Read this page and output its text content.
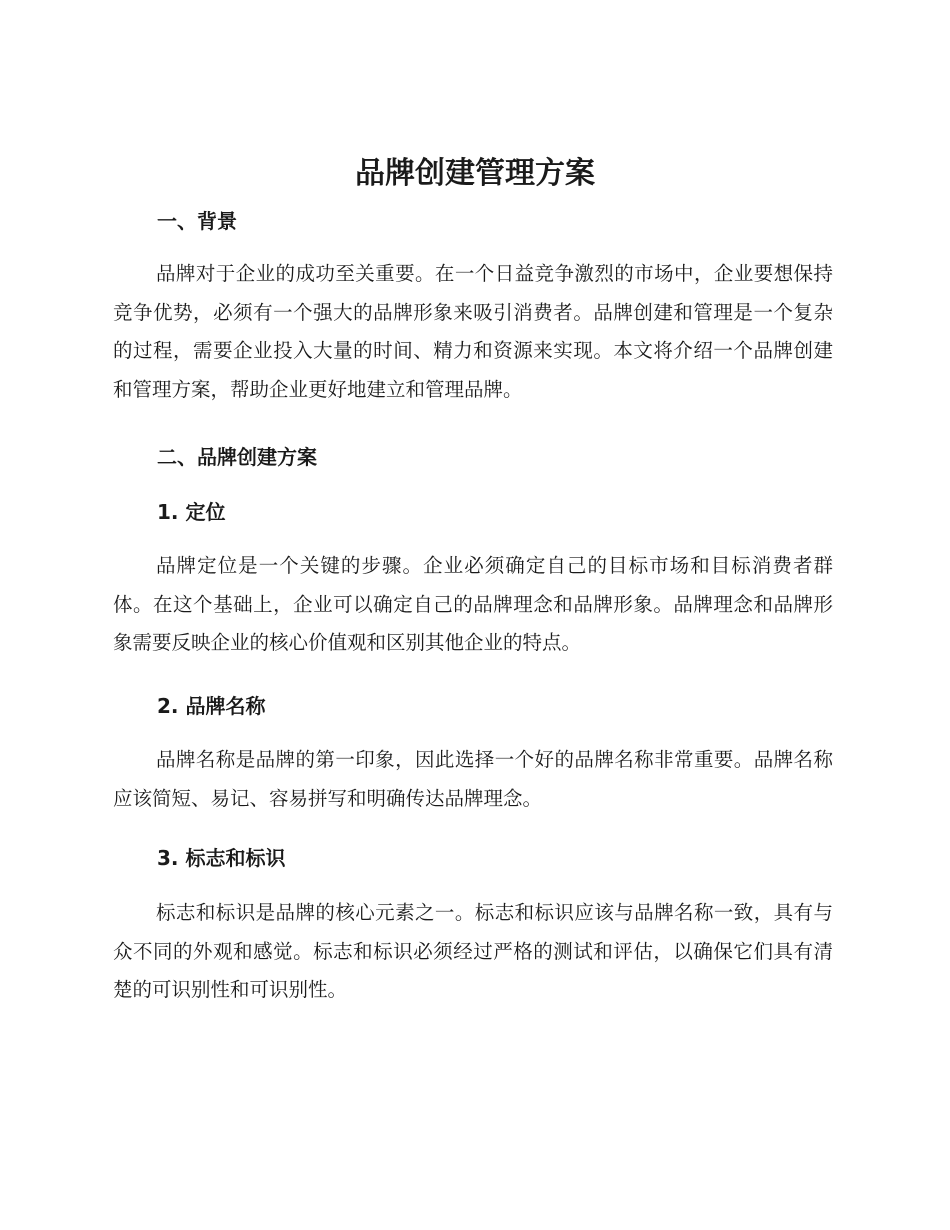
品牌创建管理方案
一、背景

品牌对于企业的成功至关重要。在一个日益竞争激烈的市场中，企业要想保持竞争优势，必须有一个强大的品牌形象来吸引消费者。品牌创建和管理是一个复杂的过程，需要企业投入大量的时间、精力和资源来实现。本文将介绍一个品牌创建和管理方案，帮助企业更好地建立和管理品牌。

二、品牌创建方案
1. 定位

品牌定位是一个关键的步骤。企业必须确定自己的目标市场和目标消费者群体。在这个基础上，企业可以确定自己的品牌理念和品牌形象。品牌理念和品牌形象需要反映企业的核心价值观和区别其他企业的特点。

2. 品牌名称

品牌名称是品牌的第一印象，因此选择一个好的品牌名称非常重要。品牌名称应该简短、易记、容易拼写和明确传达品牌理念。

3. 标志和标识

标志和标识是品牌的核心元素之一。标志和标识应该与品牌名称一致，具有与众不同的外观和感觉。标志和标识必须经过严格的测试和评估，以确保它们具有清楚的可识别性和可识别性。
